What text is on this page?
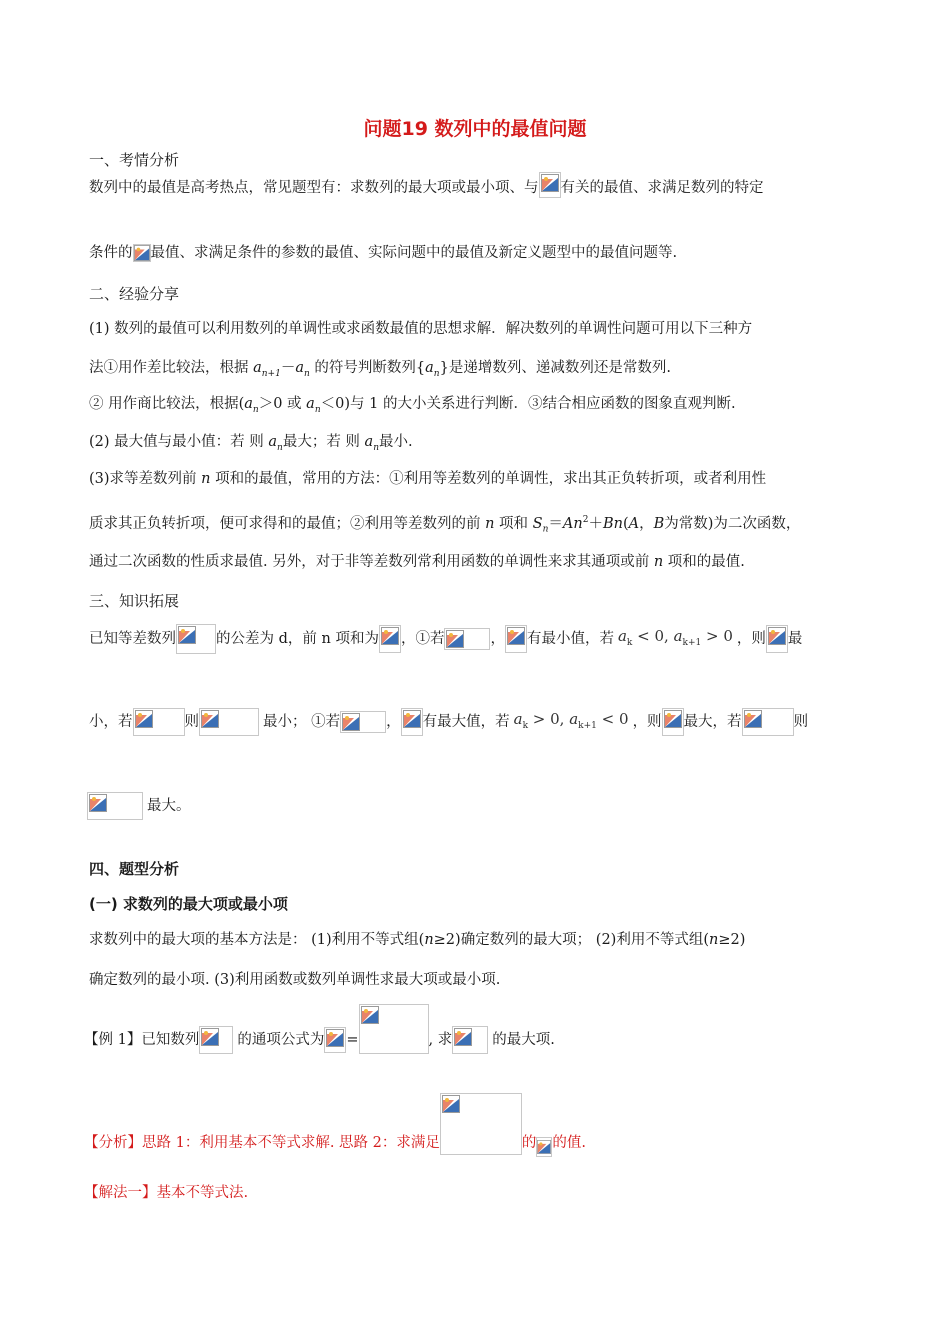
问题19 数列中的最值问题
一、考情分析
数列中的最值是高考热点，常见题型有：求数列的最大项或最小项、与 有关的最值、求满足数列的特定
条件的 最值、求满足条件的参数的最值、实际问题中的最值及新定义题型中的最值问题等.
二、经验分享
(1) 数列的最值可以利用数列的单调性或求函数最值的思想求解．解决数列的单调性问题可用以下三种方
法①用作差比较法，根据 $a_{n+1}-a_n$ 的符号判断数列$\{a_n\}$是递增数列、递减数列还是常数列.
② 用作商比较法，根据($a_n>0$ 或 $a_n<0$)与 1 的大小关系进行判断．③结合相应函数的图象直观判断.
(2) 最大值与最小值：若 则 $a_n$最大；若 则 $a_n$最小.
(3)求等差数列前 n 项和的最值，常用的方法：①利用等差数列的单调性，求出其正负转折项，或者利用性
质求其正负转折项，便可求得和的最值；②利用等差数列的前 n 项和 $S_n=An^2+Bn(A$，B为常数)为二次函数，
通过二次函数的性质求最值. 另外，对于非等差数列常利用函数的单调性来求其通项或前 n 项和的最值.
三、知识拓展
已知等差数列	的公差为 d，前 n 项和为 ，①若	， 有最小值，若 $a_k < 0$, $a_{k+1} > 0$ ，则 最
小，若	则	最小； ①若	， 有最大值，若 $a_k > 0$, $a_{k+1} < 0$ ，则 最大，若	则
最大。
四、题型分析
(一) 求数列的最大项或最小项
求数列中的最大项的基本方法是： (1)利用不等式组(n≥2)确定数列的最大项； (2)利用不等式组(n≥2)
确定数列的最小项. (3)利用函数或数列单调性求最大项或最小项.
【例 1】已知数列	的通项公式为 =	, 求	的最大项.
【分析】思路 1：利用基本不等式求解. 思路 2：求满足	的 的值.
【解法一】基本不等式法.
